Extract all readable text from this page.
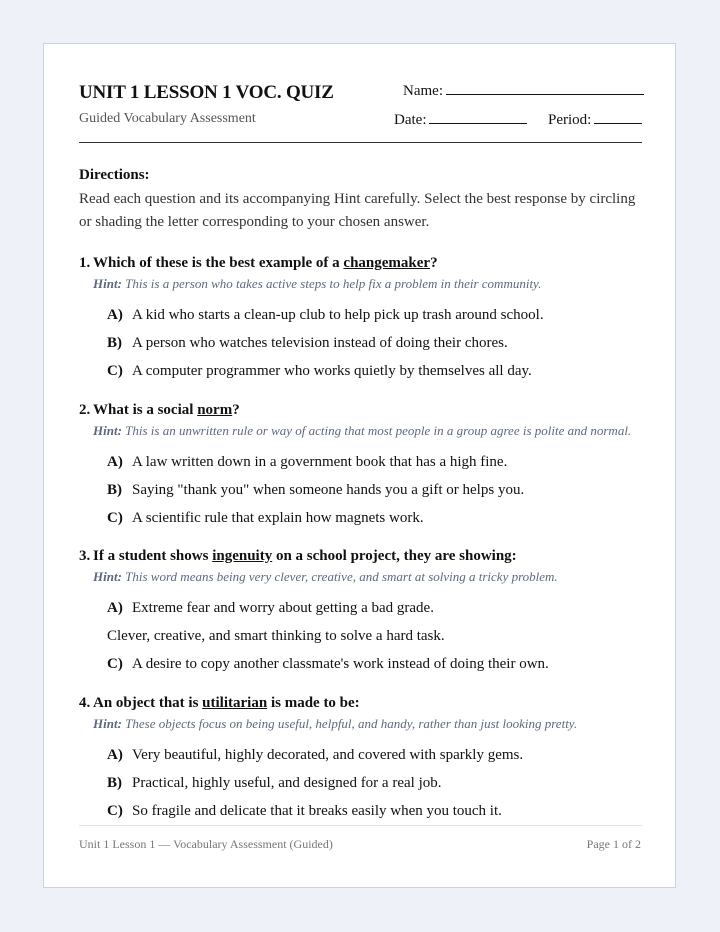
UNIT 1 LESSON 1 VOC. QUIZ
Guided Vocabulary Assessment
Name:
Date:	Period:
Directions:
Read each question and its accompanying Hint carefully. Select the best response by circling or shading the letter corresponding to your chosen answer.
1. Which of these is the best example of a changemaker?
Hint: This is a person who takes active steps to help fix a problem in their community.
A) A kid who starts a clean-up club to help pick up trash around school.
B) A person who watches television instead of doing their chores.
C) A computer programmer who works quietly by themselves all day.
2. What is a social norm?
Hint: This is an unwritten rule or way of acting that most people in a group agree is polite and normal.
A) A law written down in a government book that has a high fine.
B) Saying "thank you" when someone hands you a gift or helps you.
C) A scientific rule that explain how magnets work.
3. If a student shows ingenuity on a school project, they are showing:
Hint: This word means being very clever, creative, and smart at solving a tricky problem.
A) Extreme fear and worry about getting a bad grade.
Clever, creative, and smart thinking to solve a hard task.
C) A desire to copy another classmate's work instead of doing their own.
4. An object that is utilitarian is made to be:
Hint: These objects focus on being useful, helpful, and handy, rather than just looking pretty.
A) Very beautiful, highly decorated, and covered with sparkly gems.
B) Practical, highly useful, and designed for a real job.
C) So fragile and delicate that it breaks easily when you touch it.
Unit 1 Lesson 1 — Vocabulary Assessment (Guided)	Page 1 of 2
